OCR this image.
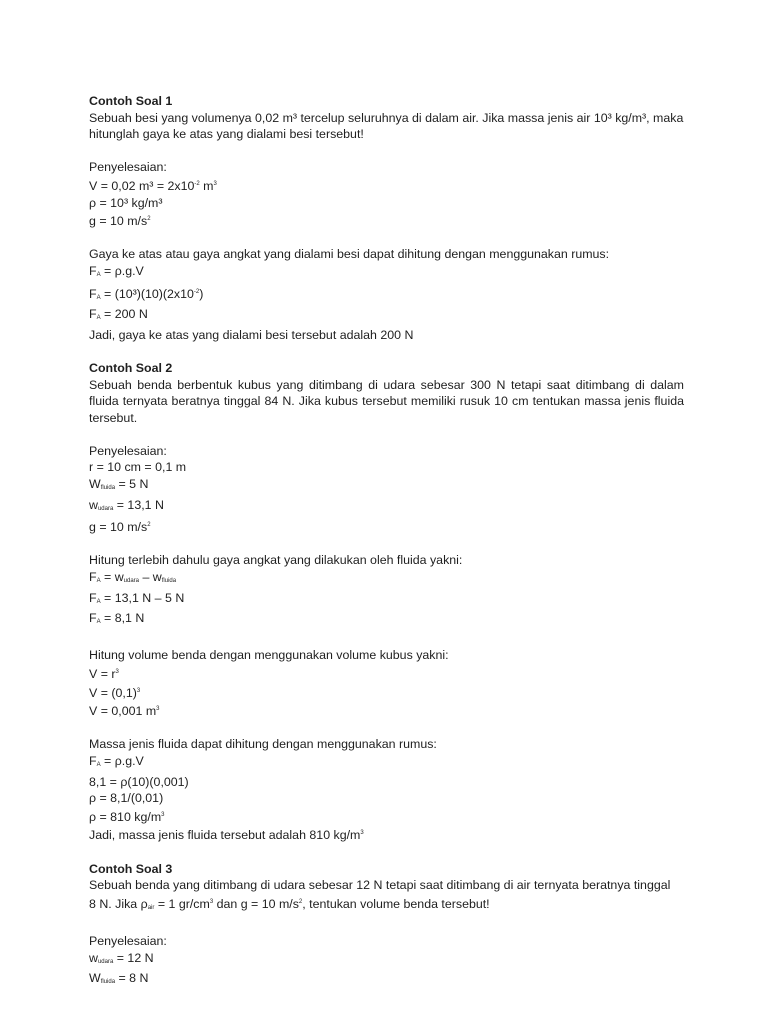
Contoh Soal 1
Sebuah besi yang volumenya 0,02 m³ tercelup seluruhnya di dalam air. Jika massa jenis air 10³ kg/m³, maka
hitunglah gaya ke atas yang dialami besi tersebut!
Penyelesaian:
V = 0,02 $m^3 = 2x10^{-2}$ $m^3$
ρ = 10³ kg/m³
g = 10 $m/s^2$
Gaya ke atas atau gaya angkat yang dialami besi dapat dihitung dengan menggunakan rumus:
FA = ρ.g.V
FA = $(10^3)(10)(2x10^{-2})$
FA = 200 N
Jadi, gaya ke atas yang dialami besi tersebut adalah 200 N
Contoh Soal 2
Sebuah benda berbentuk kubus yang ditimbang di udara sebesar 300 N tetapi saat ditimbang di dalam fluida ternyata beratnya tinggal 84 N. Jika kubus tersebut memiliki rusuk 10 cm tentukan massa jenis fluida tersebut.
Penyelesaian:
r = 10 cm = 0,1 m
Wfluida = 5 N
wudara = 13,1 N
g = 10 $m/s^2$
Hitung terlebih dahulu gaya angkat yang dilakukan oleh fluida yakni:
FA = wudara – wfluida
FA = 13,1 N – 5 N
FA = 8,1 N
Hitung volume benda dengan menggunakan volume kubus yakni:
$V = r^3$
$V = (0,1)^3$
V = 0,001 $m^3$
Massa jenis fluida dapat dihitung dengan menggunakan rumus:
FA = ρ.g.V
8,1 = ρ(10)(0,001)
ρ = 8,1/(0,01)
ρ = 810 $kg/m^3$
Jadi, massa jenis fluida tersebut adalah 810 $kg/m^3$
Contoh Soal 3
Sebuah benda yang ditimbang di udara sebesar 12 N tetapi saat ditimbang di air ternyata beratnya tinggal
8 N. Jika ρair = 1 $gr/cm^3$ dan g = 10 $m/s^2$, tentukan volume benda tersebut!
Penyelesaian:
wudara = 12 N
Wfluida = 8 N
